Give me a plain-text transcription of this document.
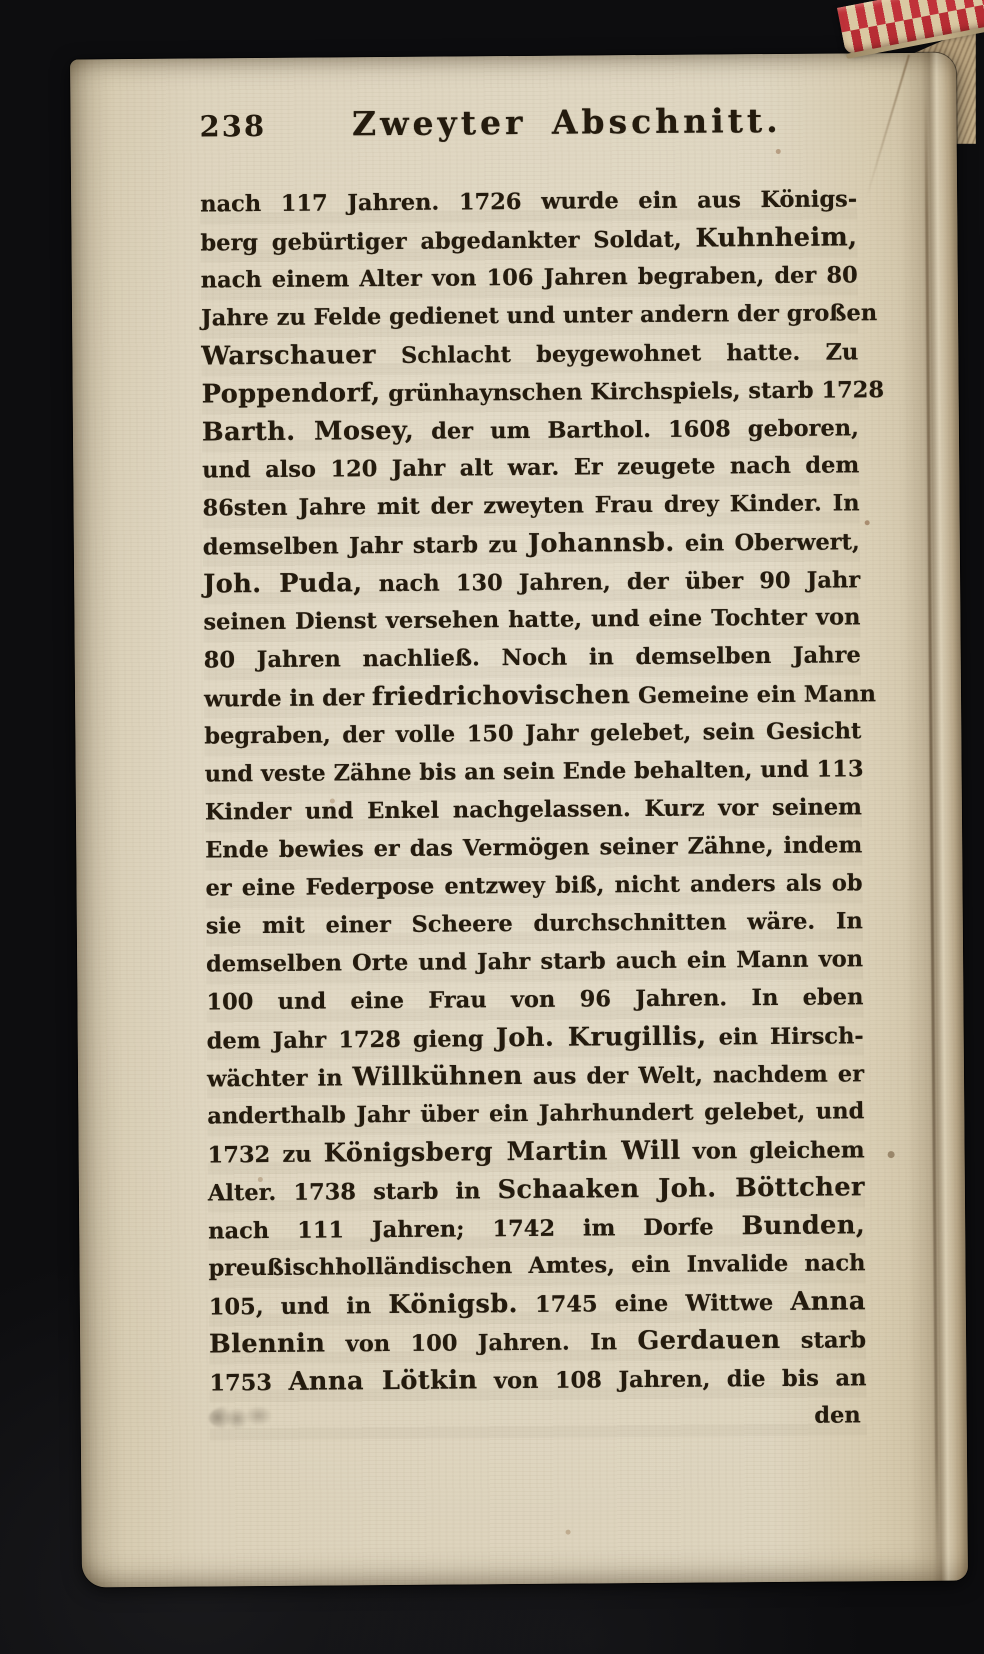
238	Zweyter Abschnitt.
nach 117 Jahren. 1726 wurde ein aus Königs-
berg gebürtiger abgedankter Soldat, Kuhnheim,
nach einem Alter von 106 Jahren begraben, der 80
Jahre zu Felde gedienet und unter andern der großen
Warschauer Schlacht beygewohnet hatte. Zu
Poppendorf, grünhaynschen Kirchspiels, starb 1728
Barth. Mosey, der um Barthol. 1608 geboren,
und also 120 Jahr alt war. Er zeugete nach dem
86sten Jahre mit der zweyten Frau drey Kinder. In
demselben Jahr starb zu Johannsb. ein Oberwert,
Joh. Puda, nach 130 Jahren, der über 90 Jahr
seinen Dienst versehen hatte, und eine Tochter von
80 Jahren nachließ. Noch in demselben Jahre
wurde in der friedrichovischen Gemeine ein Mann
begraben, der volle 150 Jahr gelebet, sein Gesicht
und veste Zähne bis an sein Ende behalten, und 113
Kinder und Enkel nachgelassen. Kurz vor seinem
Ende bewies er das Vermögen seiner Zähne, indem
er eine Federpose entzwey biß, nicht anders als ob
sie mit einer Scheere durchschnitten wäre. In
demselben Orte und Jahr starb auch ein Mann von
100 und eine Frau von 96 Jahren. In eben
dem Jahr 1728 gieng Joh. Krugillis, ein Hirsch-
wächter in Willkühnen aus der Welt, nachdem er
anderthalb Jahr über ein Jahrhundert gelebet, und
1732 zu Königsberg Martin Will von gleichem
Alter. 1738 starb in Schaaken Joh. Böttcher
nach 111 Jahren; 1742 im Dorfe Bunden,
preußischholländischen Amtes, ein Invalide nach
105, und in Königsb. 1745 eine Wittwe Anna
Blennin von 100 Jahren. In Gerdauen starb
1753 Anna Lötkin von 108 Jahren, die bis an
den
